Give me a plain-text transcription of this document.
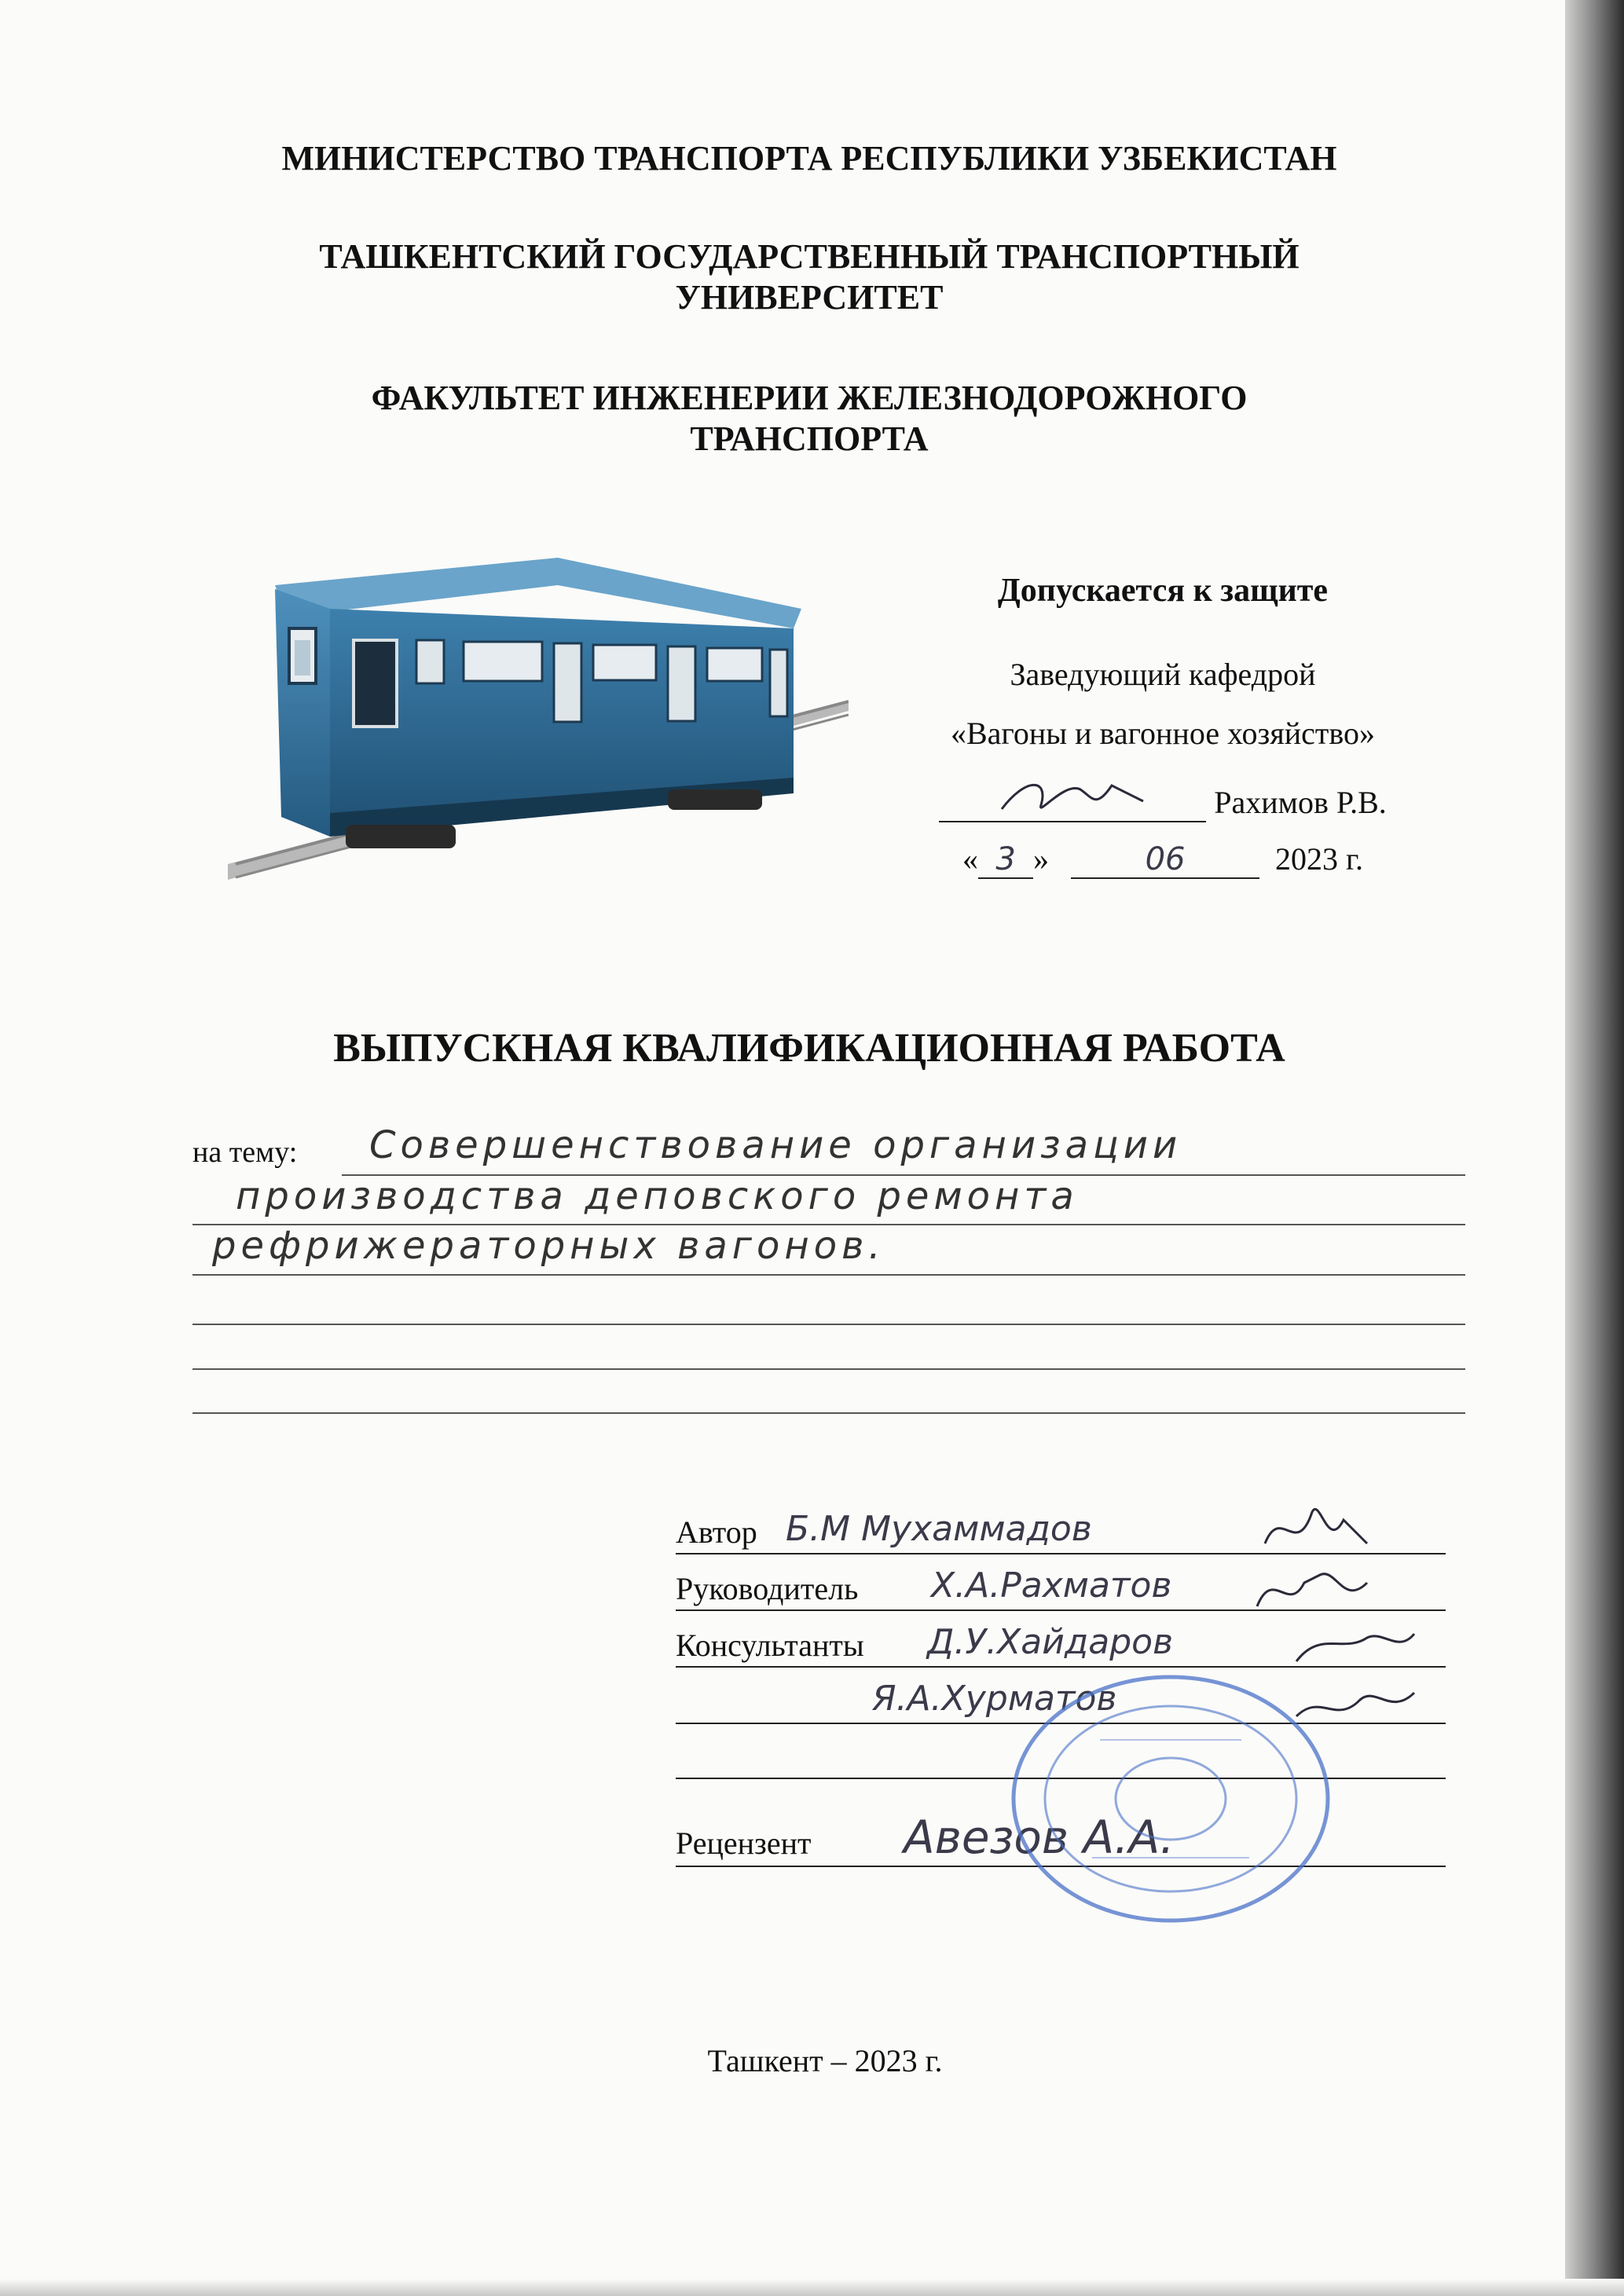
МИНИСТЕРСТВО ТРАНСПОРТА РЕСПУБЛИКИ УЗБЕКИСТАН
ТАШКЕНТСКИЙ ГОСУДАРСТВЕННЫЙ ТРАНСПОРТНЫЙ
УНИВЕРСИТЕТ
ФАКУЛЬТЕТ ИНЖЕНЕРИИ ЖЕЛЕЗНОДОРОЖНОГО
ТРАНСПОРТА
Допускается к защите
Заведующий кафедрой
«Вагоны и вагонное хозяйство»
Рахимов Р.В.
« 3 »	06	2023 г.
ВЫПУСКНАЯ КВАЛИФИКАЦИОННАЯ РАБОТА
на тему: Совершенствование организации
производства деповского ремонта
рефрижераторных вагонов.
Автор Б.М Мухаммадов
Руководитель Х.А.Рахматов
Консультанты Д.У.Хайдаров
Я.А.Хурматов
Рецензент Авезов А.А.
Ташкент – 2023 г.
